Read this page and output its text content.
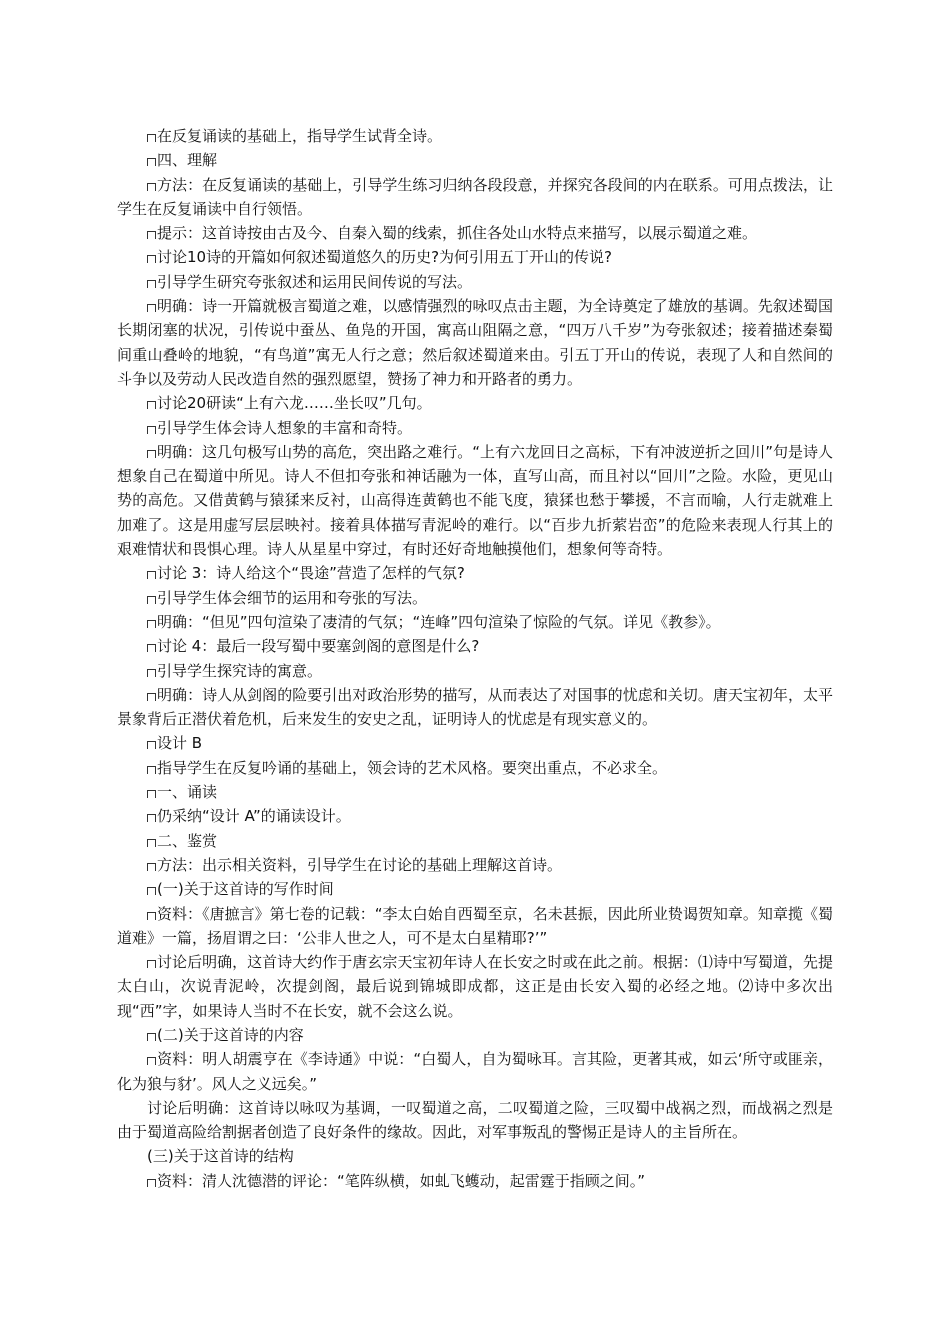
在反复诵读的基础上，指导学生试背全诗。

四、理解

方法：在反复诵读的基础上，引导学生练习归纳各段段意，并探究各段间的内在联系。可用点拨法，让学生在反复诵读中自行领悟。

提示：这首诗按由古及今、自秦入蜀的线索，抓住各处山水特点来描写，以展示蜀道之难。

讨论10诗的开篇如何叙述蜀道悠久的历史?为何引用五丁开山的传说?

引导学生研究夸张叙述和运用民间传说的写法。

明确：诗一开篇就极言蜀道之难，以感情强烈的咏叹点击主题，为全诗奠定了雄放的基调。先叙述蜀国长期闭塞的状况，引传说中蚕丛、鱼凫的开国，寓高山阻隔之意，“四万八千岁”为夸张叙述；接着描述秦蜀间重山叠岭的地貌，“有鸟道”寓无人行之意；然后叙述蜀道来由。引五丁开山的传说，表现了人和自然间的斗争以及劳动人民改造自然的强烈愿望，赞扬了神力和开路者的勇力。

讨论20研读“上有六龙……坐长叹”几句。

引导学生体会诗人想象的丰富和奇特。

明确：这几句极写山势的高危，突出路之难行。“上有六龙回日之高标，下有冲波逆折之回川”句是诗人想象自己在蜀道中所见。诗人不但扣夸张和神话融为一体，直写山高，而且衬以“回川”之险。水险，更见山势的高危。又借黄鹤与猿猱来反衬，山高得连黄鹤也不能飞度，猿猱也愁于攀援，不言而喻，人行走就难上加难了。这是用虚写层层映衬。接着具体描写青泥岭的难行。以“百步九折萦岩峦”的危险来表现人行其上的艰难情状和畏惧心理。诗人从星星中穿过，有时还好奇地触摸他们，想象何等奇特。

讨论 3：诗人给这个“畏途”营造了怎样的气氛?

引导学生体会细节的运用和夸张的写法。

明确：“但见”四句渲染了凄清的气氛；“连峰”四句渲染了惊险的气氛。详见《教参》。

讨论 4：最后一段写蜀中要塞剑阁的意图是什么?

引导学生探究诗的寓意。

明确：诗人从剑阁的险要引出对政治形势的描写，从而表达了对国事的忧虑和关切。唐天宝初年，太平景象背后正潜伏着危机，后来发生的安史之乱，证明诗人的忧虑是有现实意义的。

设计 B

指导学生在反复吟诵的基础上，领会诗的艺术风格。要突出重点，不必求全。

一、诵读

仍采纳“设计 A”的诵读设计。

二、鉴赏

方法：出示相关资料，引导学生在讨论的基础上理解这首诗。

(一)关于这首诗的写作时间

资料：《唐摭言》第七卷的记载：“李太白始自西蜀至京，名未甚振，因此所业贽谒贺知章。知章揽《蜀道难》一篇，扬眉谓之曰：‘公非人世之人，可不是太白星精耶?’”

讨论后明确，这首诗大约作于唐玄宗天宝初年诗人在长安之时或在此之前。根据：⑴诗中写蜀道，先提太白山，次说青泥岭，次提剑阁，最后说到锦城即成都，这正是由长安入蜀的必经之地。⑵诗中多次出现“西”字，如果诗人当时不在长安，就不会这么说。

(二)关于这首诗的内容

资料：明人胡震亨在《李诗通》中说：“白蜀人，自为蜀咏耳。言其险，更著其戒，如云‘所守或匪亲，化为狼与豺’。风人之义远矣。”

讨论后明确：这首诗以咏叹为基调，一叹蜀道之高，二叹蜀道之险，三叹蜀中战祸之烈，而战祸之烈是由于蜀道高险给割据者创造了良好条件的缘故。因此，对军事叛乱的警惕正是诗人的主旨所在。

(三)关于这首诗的结构

资料：清人沈德潜的评论：“笔阵纵横，如虬飞蠖动，起雷霆于指顾之间。”
